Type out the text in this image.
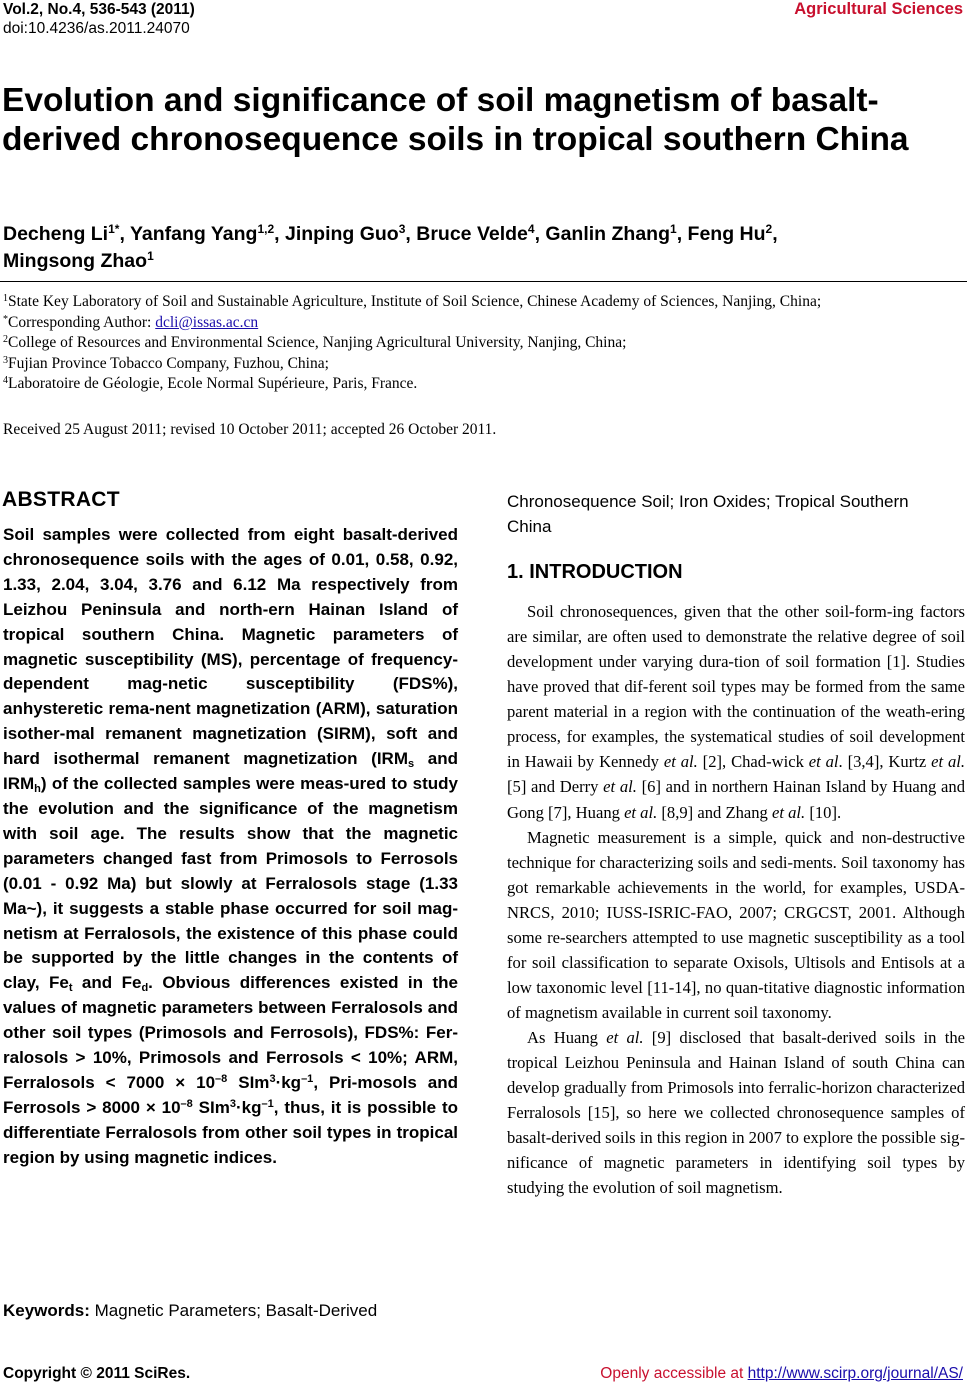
Vol.2, No.4, 536-543 (2011)
doi:10.4236/as.2011.24070
Agricultural Sciences
Evolution and significance of soil magnetism of basalt-derived chronosequence soils in tropical southern China
Decheng $Li^{1*}$, Yanfang Yang$^{1,2}$, Jinping Guo$^3$, Bruce Velde$^4$, Ganlin Zhang$^1$, Feng Hu$^2$,
Mingsong Zhao$^1$
$^1$State Key Laboratory of Soil and Sustainable Agriculture, Institute of Soil Science, Chinese Academy of Sciences, Nanjing, China;
*Corresponding Author: dcli@issas.ac.cn
$^2$College of Resources and Environmental Science, Nanjing Agricultural University, Nanjing, China;
$^3$Fujian Province Tobacco Company, Fuzhou, China;
$^4$Laboratoire de Géologie, Ecole Normal Supérieure, Paris, France.
Received 25 August 2011; revised 10 October 2011; accepted 26 October 2011.
ABSTRACT

Soil samples were collected from eight basalt-derived chronosequence soils with the ages of 0.01, 0.58, 0.92, 1.33, 2.04, 3.04, 3.76 and 6.12 Ma respectively from Leizhou Peninsula and north-ern Hainan Island of tropical southern China. Magnetic parameters of magnetic susceptibility (MS), percentage of frequency-dependent mag-netic susceptibility (FDS%), anhysteretic rema-nent magnetization (ARM), saturation isother-mal remanent magnetization (SIRM), soft and hard isothermal remanent magnetization ($IRM_s$ and $IRM_h$) of the collected samples were meas-ured to study the evolution and the significance of the magnetism with soil age. The results show that the magnetic parameters changed fast from Primosols to Ferrosols (0.01 - 0.92 Ma) but slowly at Ferralosols stage (1.33 Ma~), it suggests a stable phase occurred for soil mag-netism at Ferralosols, the existence of this phase could be supported by the little changes in the contents of clay, $Fe_t$ and $Fe_d$. Obvious differences existed in the values of magnetic parameters between Ferralosols and other soil types (Primosols and Ferrosols), FDS%: Fer-ralosols > 10%, Primosols and Ferrosols < 10%; ARM, Ferralosols < $7000 \times 10^{-8}$ $SIm^3\cdot kg^{-1}$, Pri-mosols and Ferrosols > $8000 \times 10^{-8}$ $SIm^3\cdot kg^{-1}$, thus, it is possible to differentiate Ferralosols from other soil types in tropical region by using magnetic indices.

Keywords: Magnetic Parameters; Basalt-Derived
Chronosequence Soil; Iron Oxides; Tropical Southern China
1. INTRODUCTION

Soil chronosequences, given that the other soil-form-ing factors are similar, are often used to demonstrate the relative degree of soil development under varying dura-tion of soil formation [1]. Studies have proved that dif-ferent soil types may be formed from the same parent material in a region with the continuation of the weath-ering process, for examples, the systematical studies of soil development in Hawaii by Kennedy et al. [2], Chad-wick et al. [3,4], Kurtz et al. [5] and Derry et al. [6] and in northern Hainan Island by Huang and Gong [7], Huang et al. [8,9] and Zhang et al. [10].

Magnetic measurement is a simple, quick and non-destructive technique for characterizing soils and sedi-ments. Soil taxonomy has got remarkable achievements in the world, for examples, USDA-NRCS, 2010; IUSS-ISRIC-FAO, 2007; CRGCST, 2001. Although some re-searchers attempted to use magnetic susceptibility as a tool for soil classification to separate Oxisols, Ultisols and Entisols at a low taxonomic level [11-14], no quan-titative diagnostic information of magnetism available in current soil taxonomy.

As Huang et al. [9] disclosed that basalt-derived soils in the tropical Leizhou Peninsula and Hainan Island of south China can develop gradually from Primosols into ferralic-horizon characterized Ferralosols [15], so here we collected chronosequence samples of basalt-derived soils in this region in 2007 to explore the possible sig-nificance of magnetic parameters in identifying soil types by studying the evolution of soil magnetism.

Copyright © 2011 SciRes.	Openly accessible at http://www.scirp.org/journal/AS/
